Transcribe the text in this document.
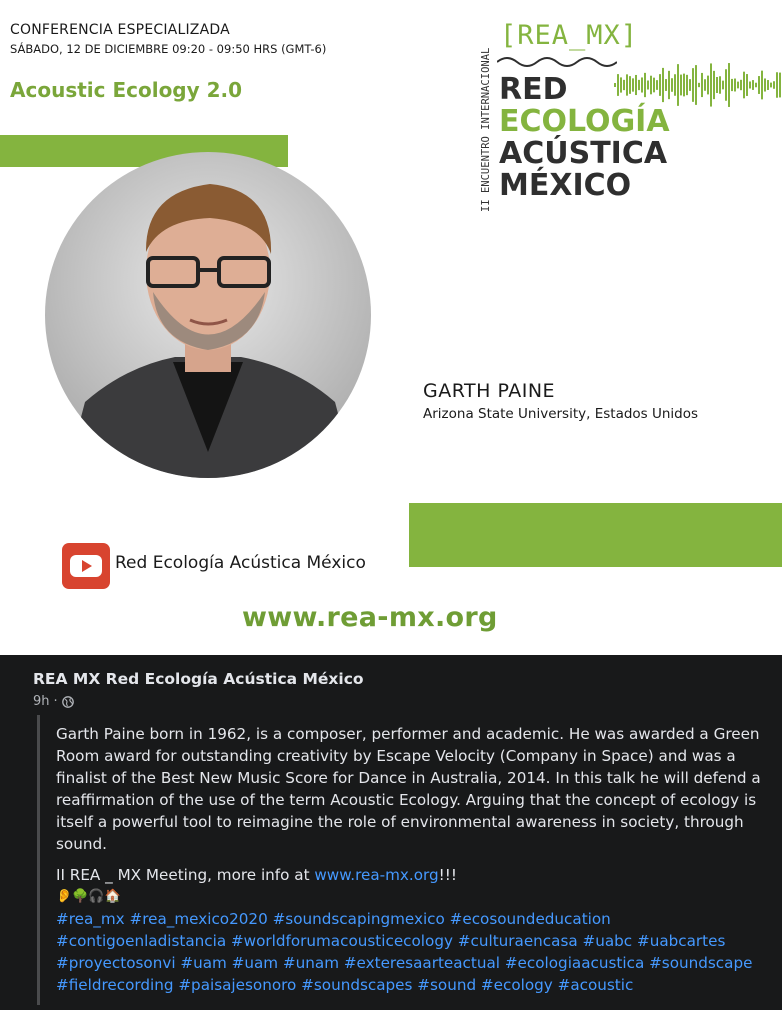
CONFERENCIA ESPECIALIZADA
SÁBADO, 12 DE DICIEMBRE 09:20 - 09:50 HRS (GMT-6)
Acoustic Ecology 2.0
GARTH PAINE
Arizona State University, Estados Unidos
II ENCUENTRO INTERNACIONAL
[REA_MX]
RED
ECOLOGÍA
ACÚSTICA
MÉXICO
Red Ecología Acústica México
www.rea-mx.org
REA MX Red Ecología Acústica México
9h ·

Garth Paine born in 1962, is a composer, performer and academic. He was awarded a Green Room award for outstanding creativity by Escape Velocity (Company in Space) and was a finalist of the Best New Music Score for Dance in Australia, 2014. In this talk he will defend a reaffirmation of the use of the term Acoustic Ecology. Arguing that the concept of ecology is itself a powerful tool to reimagine the role of environmental awareness in society, through sound.

II REA _ MX Meeting, more info at www.rea-mx.org!!!

👂🌳🎧🏠

#rea_mx #rea_mexico2020 #soundscapingmexico #ecosoundeducation

#contigoenladistancia #worldforumacousticecology #culturaencasa #uabc #uabcartes

#proyectosonvi #uam #uam #unam #exteresaarteactual #ecologiaacustica #soundscape

#fieldrecording #paisajesonoro #soundscapes #sound #ecology #acoustic
